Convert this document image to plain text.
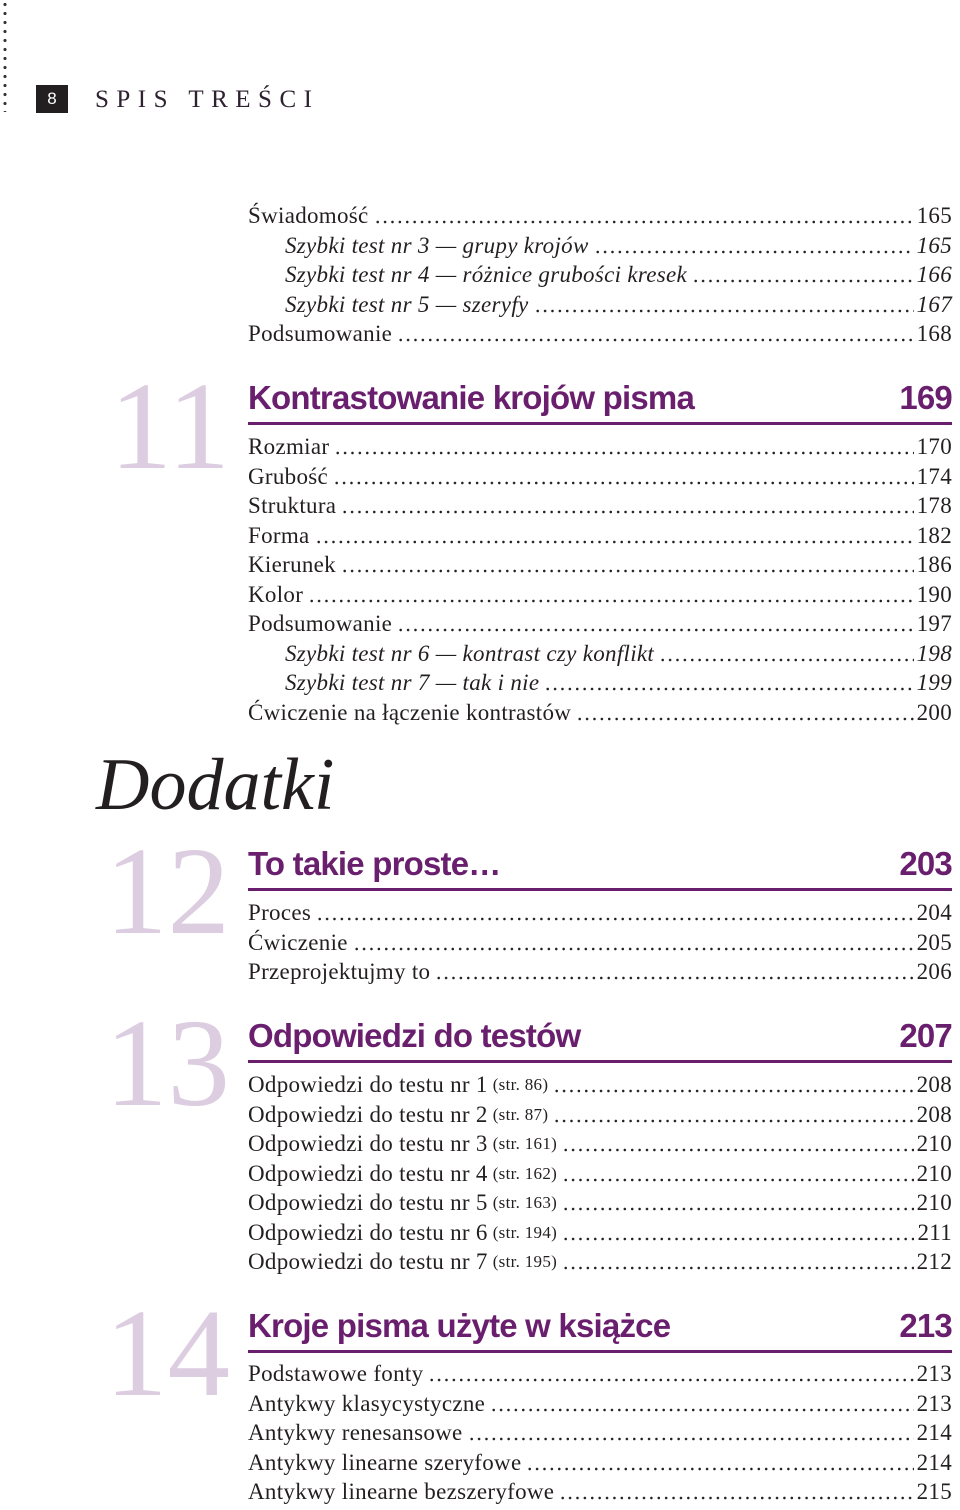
8	SPIS TREŚCI
Świadomość	165
Szybki test nr 3 — grupy krojów	165
Szybki test nr 4 — różnice grubości kresek	166
Szybki test nr 5 — szeryfy	167
Podsumowanie	168
11 Kontrastowanie krojów pisma	169
Rozmiar	170
Grubość	174
Struktura	178
Forma	182
Kierunek	186
Kolor	190
Podsumowanie	197
Szybki test nr 6 — kontrast czy konflikt	198
Szybki test nr 7 — tak i nie	199
Ćwiczenie na łączenie kontrastów	200
Dodatki
12 To takie proste…	203
Proces	204
Ćwiczenie	205
Przeprojektujmy to	206
13 Odpowiedzi do testów	207
Odpowiedzi do testu nr 1 (str. 86)	208
Odpowiedzi do testu nr 2 (str. 87)	208
Odpowiedzi do testu nr 3 (str. 161)	210
Odpowiedzi do testu nr 4 (str. 162)	210
Odpowiedzi do testu nr 5 (str. 163)	210
Odpowiedzi do testu nr 6 (str. 194)	211
Odpowiedzi do testu nr 7 (str. 195)	212
14 Kroje pisma użyte w książce	213
Podstawowe fonty	213
Antykwy klasycystyczne	213
Antykwy renesansowe	214
Antykwy linearne szeryfowe	214
Antykwy linearne bezszeryfowe	215
